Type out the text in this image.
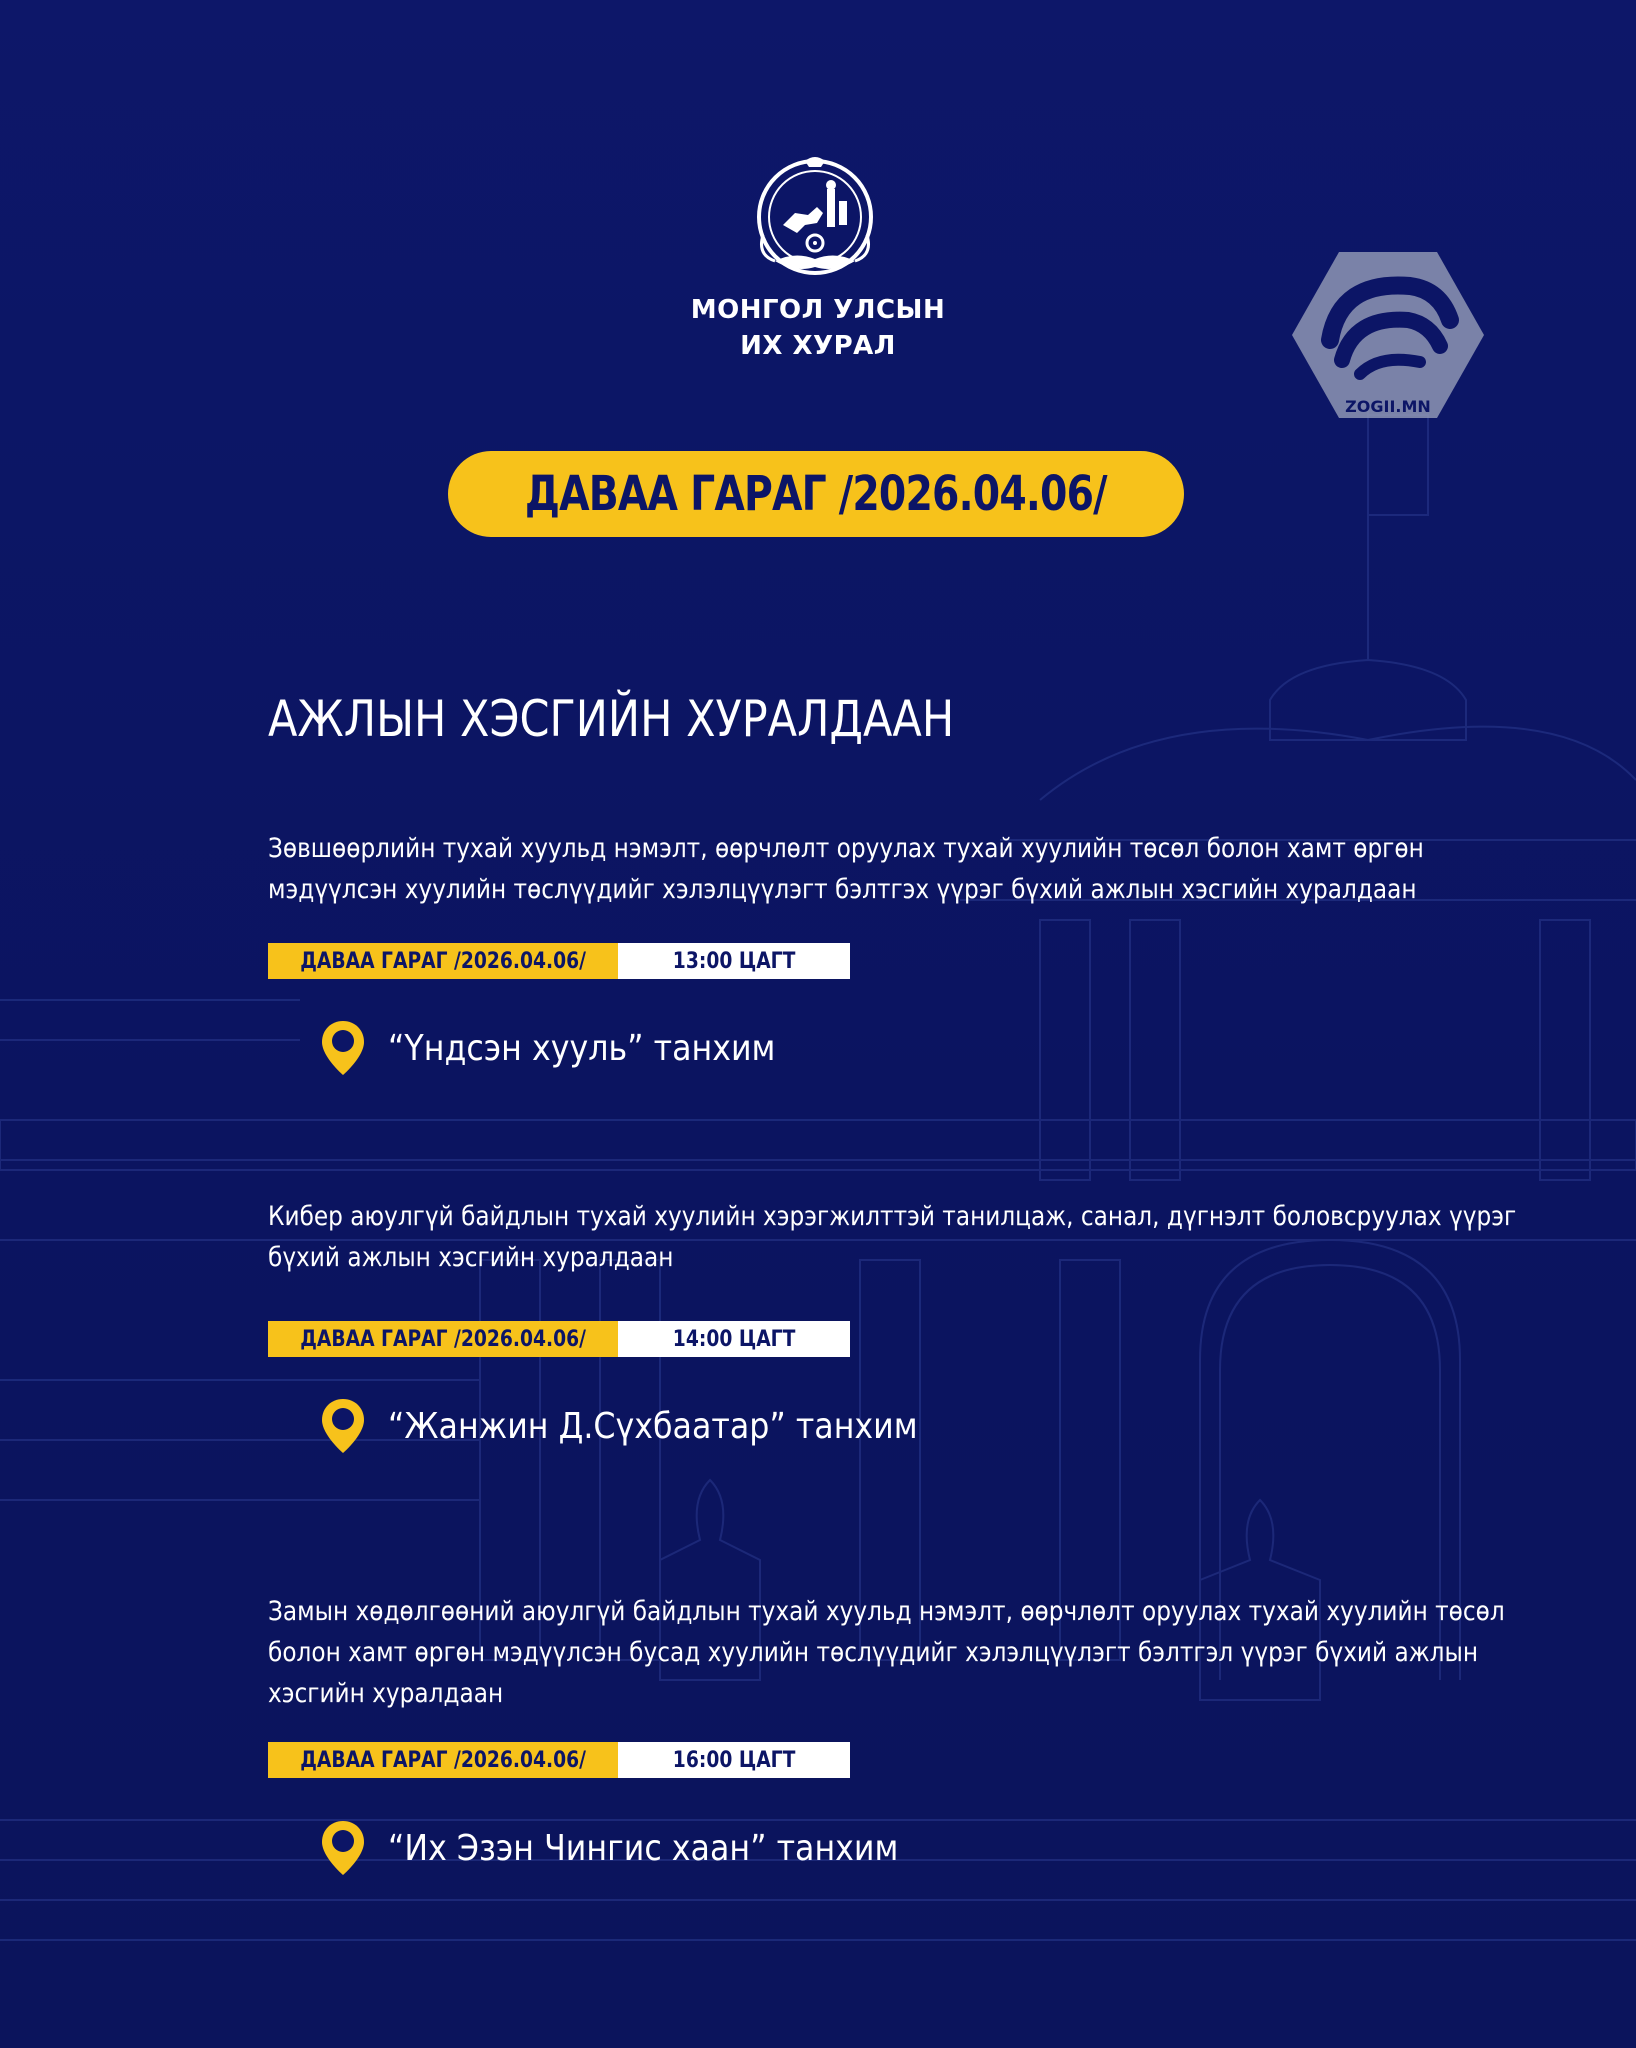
МОНГОЛ УЛСЫН
ИХ ХУРАЛ
ZOGII.MN
ДАВАА ГАРАГ /2026.04.06/
АЖЛЫН ХЭСГИЙН ХУРАЛДААН
Зөвшөөрлийн тухай хуульд нэмэлт, өөрчлөлт оруулах тухай хуулийн төсөл болон хамт өргөн
мэдүүлсэн хуулийн төслүүдийг хэлэлцүүлэгт бэлтгэх үүрэг бүхий ажлын хэсгийн хуралдаан
ДАВАА ГАРАГ /2026.04.06/	13:00 ЦАГТ
“Үндсэн хууль” танхим
Кибер аюулгүй байдлын тухай хуулийн хэрэгжилттэй танилцаж, санал, дүгнэлт боловсруулах үүрэг
бүхий ажлын хэсгийн хуралдаан
ДАВАА ГАРАГ /2026.04.06/	14:00 ЦАГТ
“Жанжин Д.Сүхбаатар” танхим
Замын хөдөлгөөний аюулгүй байдлын тухай хуульд нэмэлт, өөрчлөлт оруулах тухай хуулийн төсөл
болон хамт өргөн мэдүүлсэн бусад хуулийн төслүүдийг хэлэлцүүлэгт бэлтгэл үүрэг бүхий ажлын
хэсгийн хуралдаан
ДАВАА ГАРАГ /2026.04.06/	16:00 ЦАГТ
“Их Эзэн Чингис хаан” танхим
